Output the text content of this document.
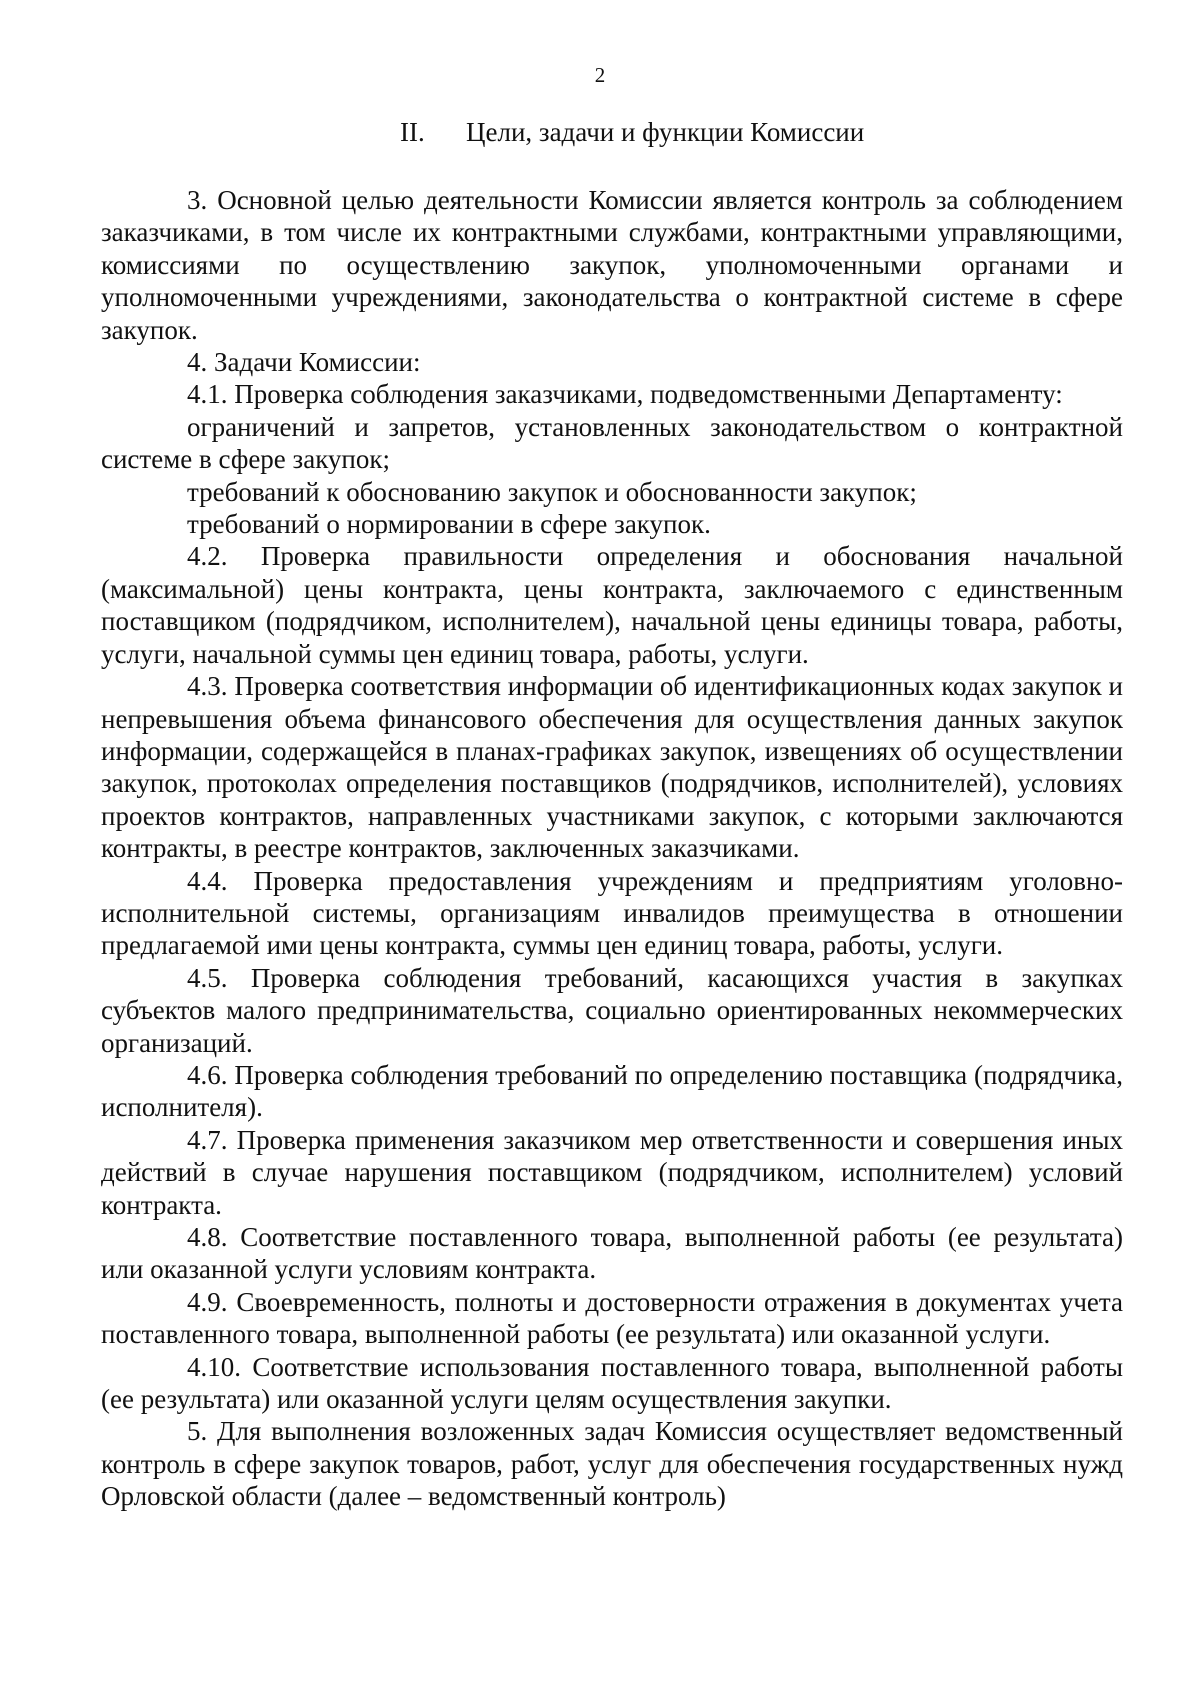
2
II. Цели, задачи и функции Комиссии

3. Основной целью деятельности Комиссии является контроль за соблюдением заказчиками, в том числе их контрактными службами, контрактными управляющими, комиссиями по осуществлению закупок, уполномоченными органами и уполномоченными учреждениями, законодательства о контрактной системе в сфере закупок.

4. Задачи Комиссии:

4.1. Проверка соблюдения заказчиками, подведомственными Департаменту:

ограничений и запретов, установленных законодательством о контрактной системе в сфере закупок;

требований к обоснованию закупок и обоснованности закупок;

требований о нормировании в сфере закупок.

4.2. Проверка правильности определения и обоснования начальной (максимальной) цены контракта, цены контракта, заключаемого с единственным поставщиком (подрядчиком, исполнителем), начальной цены единицы товара, работы, услуги, начальной суммы цен единиц товара, работы, услуги.

4.3. Проверка соответствия информации об идентификационных кодах закупок и непревышения объема финансового обеспечения для осуществления данных закупок информации, содержащейся в планах-графиках закупок, извещениях об осуществлении закупок, протоколах определения поставщиков (подрядчиков, исполнителей), условиях проектов контрактов, направленных участниками закупок, с которыми заключаются контракты, в реестре контрактов, заключенных заказчиками.

4.4. Проверка предоставления учреждениям и предприятиям уголовно-исполнительной системы, организациям инвалидов преимущества в отношении предлагаемой ими цены контракта, суммы цен единиц товара, работы, услуги.

4.5. Проверка соблюдения требований, касающихся участия в закупках субъектов малого предпринимательства, социально ориентированных некоммерческих организаций.

4.6. Проверка соблюдения требований по определению поставщика (подрядчика, исполнителя).

4.7. Проверка применения заказчиком мер ответственности и совершения иных действий в случае нарушения поставщиком (подрядчиком, исполнителем) условий контракта.

4.8. Соответствие поставленного товара, выполненной работы (ее результата) или оказанной услуги условиям контракта.

4.9. Своевременность, полноты и достоверности отражения в документах учета поставленного товара, выполненной работы (ее результата) или оказанной услуги.

4.10. Соответствие использования поставленного товара, выполненной работы (ее результата) или оказанной услуги целям осуществления закупки.

5. Для выполнения возложенных задач Комиссия осуществляет ведомственный контроль в сфере закупок товаров, работ, услуг для обеспечения государственных нужд Орловской области (далее – ведомственный контроль)
